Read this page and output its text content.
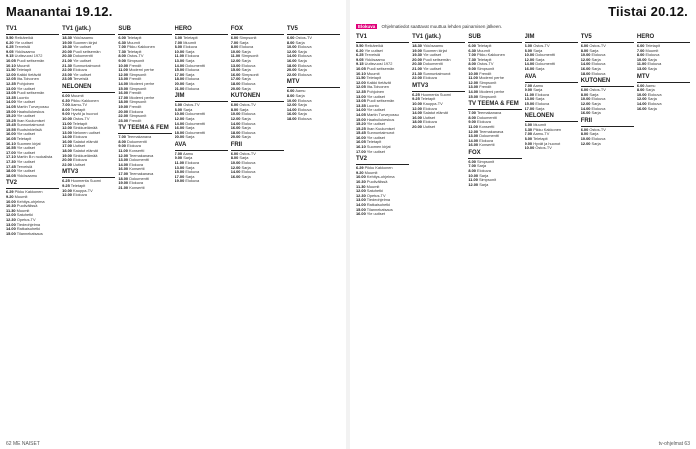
Maanantai 19.12.
TV1

5.50 Reikäreikä

6.20 Yle uutiset

6.25 Terveisiä

9.05 Ykkösaamu

9.15 Uutisvuosi 1972

10.05 Puoli seitsemän

10.10 Muumit

11.50 Teletapit

12.00 Kaikki tietävät

12.05 Ilta-Toivonen

12.35 Pohjoinen

13.00 Yle uutiset

13.05 Puoli seitsemän

13.35 Luonto

14.00 Yle uutiset

14.05 Martin Turvepossu

15.00 Haahuilukeskus

15.20 Yle uutiset

15.25 Ihan Kuulumiset

15.45 Sunnuntaimurot

15.55 Ruotsinkielisiä

16.00 Yle uutiset

16.05 Teletapit

16.10 Suomen kirjat

16.55 Yle uutiset

17.00 Yle uutiset

17.10 Martin B:n ruokalista

17.30 Yle uutiset

17.45 Terveisiä

18.00 Yle uutiset

18.05 Ykkösaamu

TV2

6.29 Pikku Kakkonen

9.20 Muumit

10.00 Kehitys-ohjelma

10.30 Puolivälissä

11.30 Muumit

12.00 Satuhetki

12.30 Opetus-TV

13.00 Tiedeohjelma

14.00 Ratkaisuhetki

15.00 Tilannekatsaus

TV1 (jatk.)

18.30 Ykkösaamu

19.00 Suomen kirjat

19.30 Yle uutiset

20.00 Puoli seitsemän

20.30 Dokumentti

21.00 Yle uutiset

21.30 Sunnuntaimurot

22.00 Elokuva

23.00 Yle uutiset

23.05 Terveisiä

NELONEN

6.00 Muumit

6.30 Pikku Kakkonen

7.00 Aamu-TV

8.00 Teletapit

9.00 Hyvät ja huonot

10.00 Ostos-TV

11.00 Teletapit

12.00 Sinkkuelämää

13.00 Nelonen uutiset

14.00 Elokuva

16.00 Salatut elämät

17.00 Uutiset

18.00 Salatut elämät

19.00 Sinkkuelämää

20.00 Elokuva

22.00 Uutiset

MTV3

6.25 Huomenta Suomi

9.25 Teletapit

10.00 Kauppa-TV

12.00 Elokuva

SUB

6.00 Teletapit

6.30 Muumit

7.00 Pikku Kakkonen

7.30 Teletapit

8.00 Ostos-TV

9.00 Simpsonit

10.00 Frendit

11.00 Moderni perhe

12.00 Simpsonit

13.00 Frendit

14.00 Moderni perhe

15.00 Simpsonit

16.00 Frendit

17.00 Moderni perhe

18.00 Simpsonit

19.00 Frendit

20.00 Elokuva

22.00 Simpsonit

23.00 Frendit

TV TEEMA & FEM

7.00 Teemakanava

8.00 Dokumentti

9.00 Elokuva

11.00 Konsertti

12.00 Teemakanava

13.00 Dokumentti

14.00 Elokuva

16.00 Konsertti

17.00 Teemakanava

18.00 Dokumentti

19.00 Elokuva

21.00 Konsertti

HERO

6.00 Teletapit

7.00 Muumit

8.00 Elokuva

10.00 Sarja

11.00 Elokuva

13.00 Sarja

14.00 Dokumentti

15.00 Elokuva

17.00 Sarja

18.00 Elokuva

20.00 Sarja

21.00 Elokuva

JIM

6.00 Ostos-TV

8.00 Sarja

10.00 Dokumentti

12.00 Sarja

14.00 Dokumentti

16.00 Sarja

18.00 Dokumentti

20.00 Sarja

AVA

7.00 Aamu

9.00 Sarja

11.00 Elokuva

13.00 Sarja

15.00 Elokuva

17.00 Sarja

19.00 Elokuva

FOX

6.00 Simpsonit

7.00 Sarja

8.00 Elokuva

10.00 Sarja

11.00 Simpsonit

12.00 Sarja

13.00 Elokuva

15.00 Sarja

16.00 Simpsonit

17.00 Sarja

18.00 Elokuva

20.00 Sarja

KUTONEN

6.00 Ostos-TV

8.00 Sarja

10.00 Elokuva

12.00 Sarja

14.00 Elokuva

16.00 Sarja

18.00 Elokuva

20.00 Sarja

FRII

6.00 Ostos-TV

8.00 Sarja

10.00 Elokuva

12.00 Sarja

14.00 Elokuva

16.00 Sarja

TV5

6.00 Ostos-TV

8.00 Sarja

10.00 Elokuva

12.00 Sarja

14.00 Elokuva

16.00 Sarja

18.00 Elokuva

20.00 Sarja

22.00 Elokuva

MTV

6.00 Aamu

8.00 Sarja

10.00 Elokuva

12.00 Sarja

14.00 Elokuva

16.00 Sarja

18.00 Elokuva

62 ME NAISET
Tiistai 20.12.
Elokuva Ohjelmatiedot saattavat muuttua lehden painamisen jälkeen.
TV1

5.50 Reikäreikä

6.20 Yle uutiset

6.25 Terveisiä

9.05 Ykkösaamu

9.15 Uutisvuosi 1972

10.05 Puoli seitsemän

10.10 Muumit

11.50 Teletapit

12.00 Kaikki tietävät

12.05 Ilta-Toivonen

12.35 Pohjoinen

13.00 Yle uutiset

13.05 Puoli seitsemän

13.35 Luonto

14.00 Yle uutiset

14.05 Martin Turvepossu

15.00 Haahuilukeskus

15.20 Yle uutiset

15.25 Ihan Kuulumiset

15.45 Sunnuntaimurot

16.00 Yle uutiset

16.05 Teletapit

16.10 Suomen kirjat

17.00 Yle uutiset

TV2

6.29 Pikku Kakkonen

9.20 Muumit

10.00 Kehitys-ohjelma

10.30 Puolivälissä

11.30 Muumit

12.00 Satuhetki

12.30 Opetus-TV

13.00 Tiedeohjelma

14.00 Ratkaisuhetki

15.00 Tilannekatsaus

16.00 Yle uutiset

TV1 (jatk.)

18.30 Ykkösaamu

19.00 Suomen kirjat

19.30 Yle uutiset

20.00 Puoli seitsemän

20.30 Dokumentti

21.00 Yle uutiset

21.30 Sunnuntaimurot

22.00 Elokuva

MTV3

6.25 Huomenta Suomi

9.25 Teletapit

10.00 Kauppa-TV

12.00 Elokuva

14.00 Salatut elämät

16.00 Uutiset

18.00 Elokuva

20.00 Uutiset

SUB

6.00 Teletapit

6.30 Muumit

7.00 Pikku Kakkonen

7.30 Teletapit

8.00 Ostos-TV

9.00 Simpsonit

10.00 Frendit

11.00 Moderni perhe

12.00 Simpsonit

13.00 Frendit

14.00 Moderni perhe

15.00 Simpsonit

TV TEEMA & FEM

7.00 Teemakanava

8.00 Dokumentti

9.00 Elokuva

11.00 Konsertti

12.00 Teemakanava

13.00 Dokumentti

14.00 Elokuva

16.00 Konsertti

FOX

6.00 Simpsonit

7.00 Sarja

8.00 Elokuva

10.00 Sarja

11.00 Simpsonit

12.00 Sarja

JIM

6.00 Ostos-TV

8.00 Sarja

10.00 Dokumentti

12.00 Sarja

14.00 Dokumentti

16.00 Sarja

AVA

7.00 Aamu

9.00 Sarja

11.00 Elokuva

13.00 Sarja

15.00 Elokuva

17.00 Sarja

NELONEN

6.00 Muumit

6.30 Pikku Kakkonen

7.00 Aamu-TV

8.00 Teletapit

9.00 Hyvät ja huonot

10.00 Ostos-TV

TV5

6.00 Ostos-TV

8.00 Sarja

10.00 Elokuva

12.00 Sarja

14.00 Elokuva

16.00 Sarja

18.00 Elokuva

KUTONEN

6.00 Ostos-TV

8.00 Sarja

10.00 Elokuva

12.00 Sarja

14.00 Elokuva

16.00 Sarja

FRII

6.00 Ostos-TV

8.00 Sarja

10.00 Elokuva

12.00 Sarja

HERO

6.00 Teletapit

7.00 Muumit

8.00 Elokuva

10.00 Sarja

11.00 Elokuva

13.00 Sarja

MTV

6.00 Aamu

8.00 Sarja

10.00 Elokuva

12.00 Sarja

14.00 Elokuva

16.00 Sarja

tv-ohjelmat 63
